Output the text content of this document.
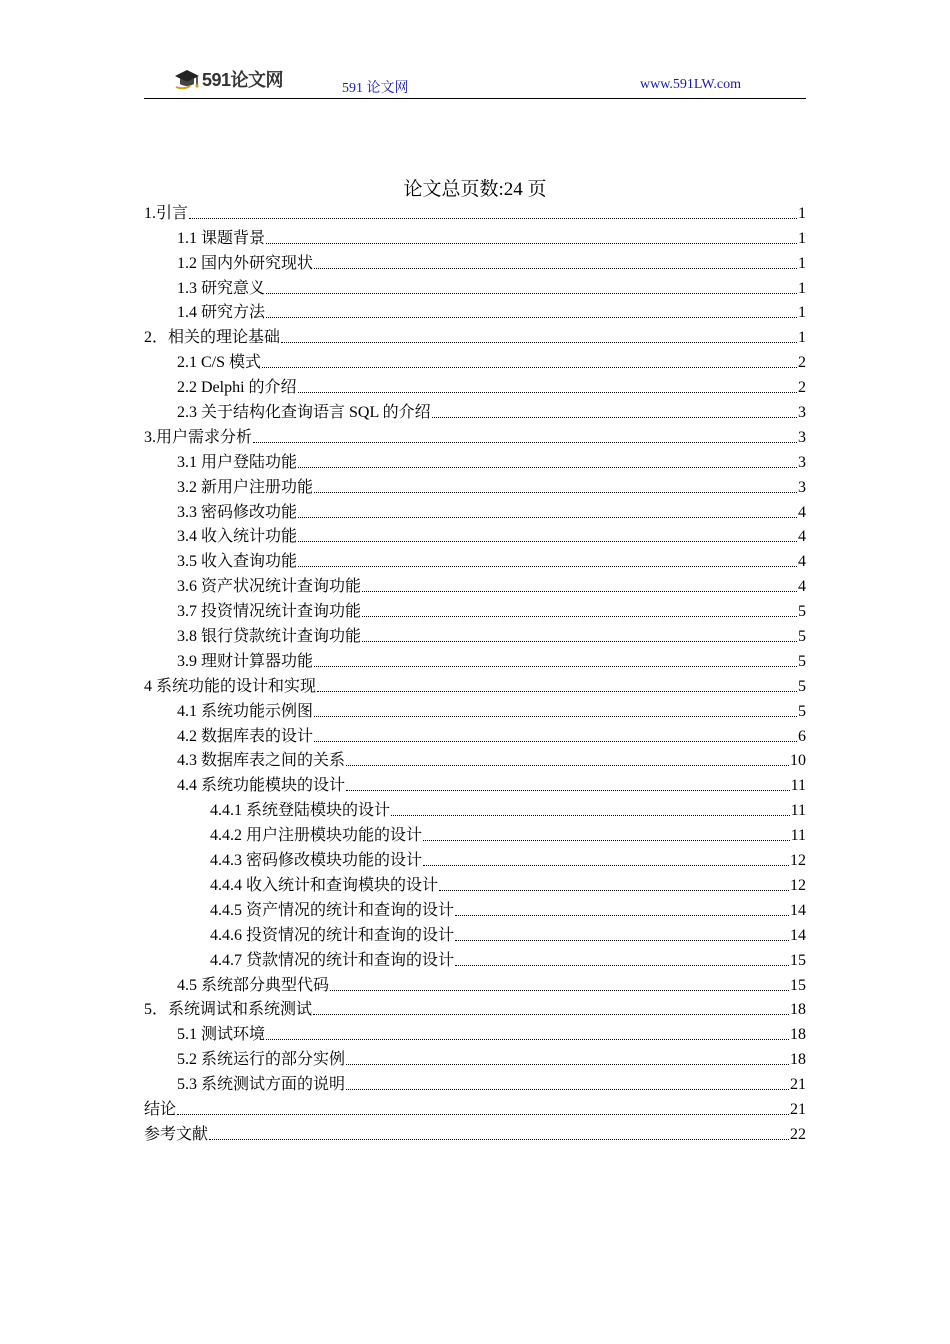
591论文网	591 论文网	www.591LW.com
论文总页数:24 页
1.引言	1
1.1 课题背景	1
1.2 国内外研究现状	1
1.3 研究意义	1
1.4 研究方法	1
2．相关的理论基础	1
2.1 C/S 模式	2
2.2 Delphi 的介绍	2
2.3 关于结构化查询语言 SQL 的介绍	3
3.用户需求分析	3
3.1 用户登陆功能	3
3.2 新用户注册功能	3
3.3 密码修改功能	4
3.4 收入统计功能	4
3.5 收入查询功能	4
3.6 资产状况统计查询功能	4
3.7 投资情况统计查询功能	5
3.8 银行贷款统计查询功能	5
3.9 理财计算器功能	5
4 系统功能的设计和实现	5
4.1 系统功能示例图	5
4.2 数据库表的设计	6
4.3 数据库表之间的关系	10
4.4 系统功能模块的设计	11
4.4.1 系统登陆模块的设计	11
4.4.2 用户注册模块功能的设计	11
4.4.3 密码修改模块功能的设计	12
4.4.4 收入统计和查询模块的设计	12
4.4.5 资产情况的统计和查询的设计	14
4.4.6 投资情况的统计和查询的设计	14
4.4.7 贷款情况的统计和查询的设计	15
4.5 系统部分典型代码	15
5．系统调试和系统测试	18
5.1 测试环境	18
5.2 系统运行的部分实例	18
5.3 系统测试方面的说明	21
结论	21
参考文献	22
